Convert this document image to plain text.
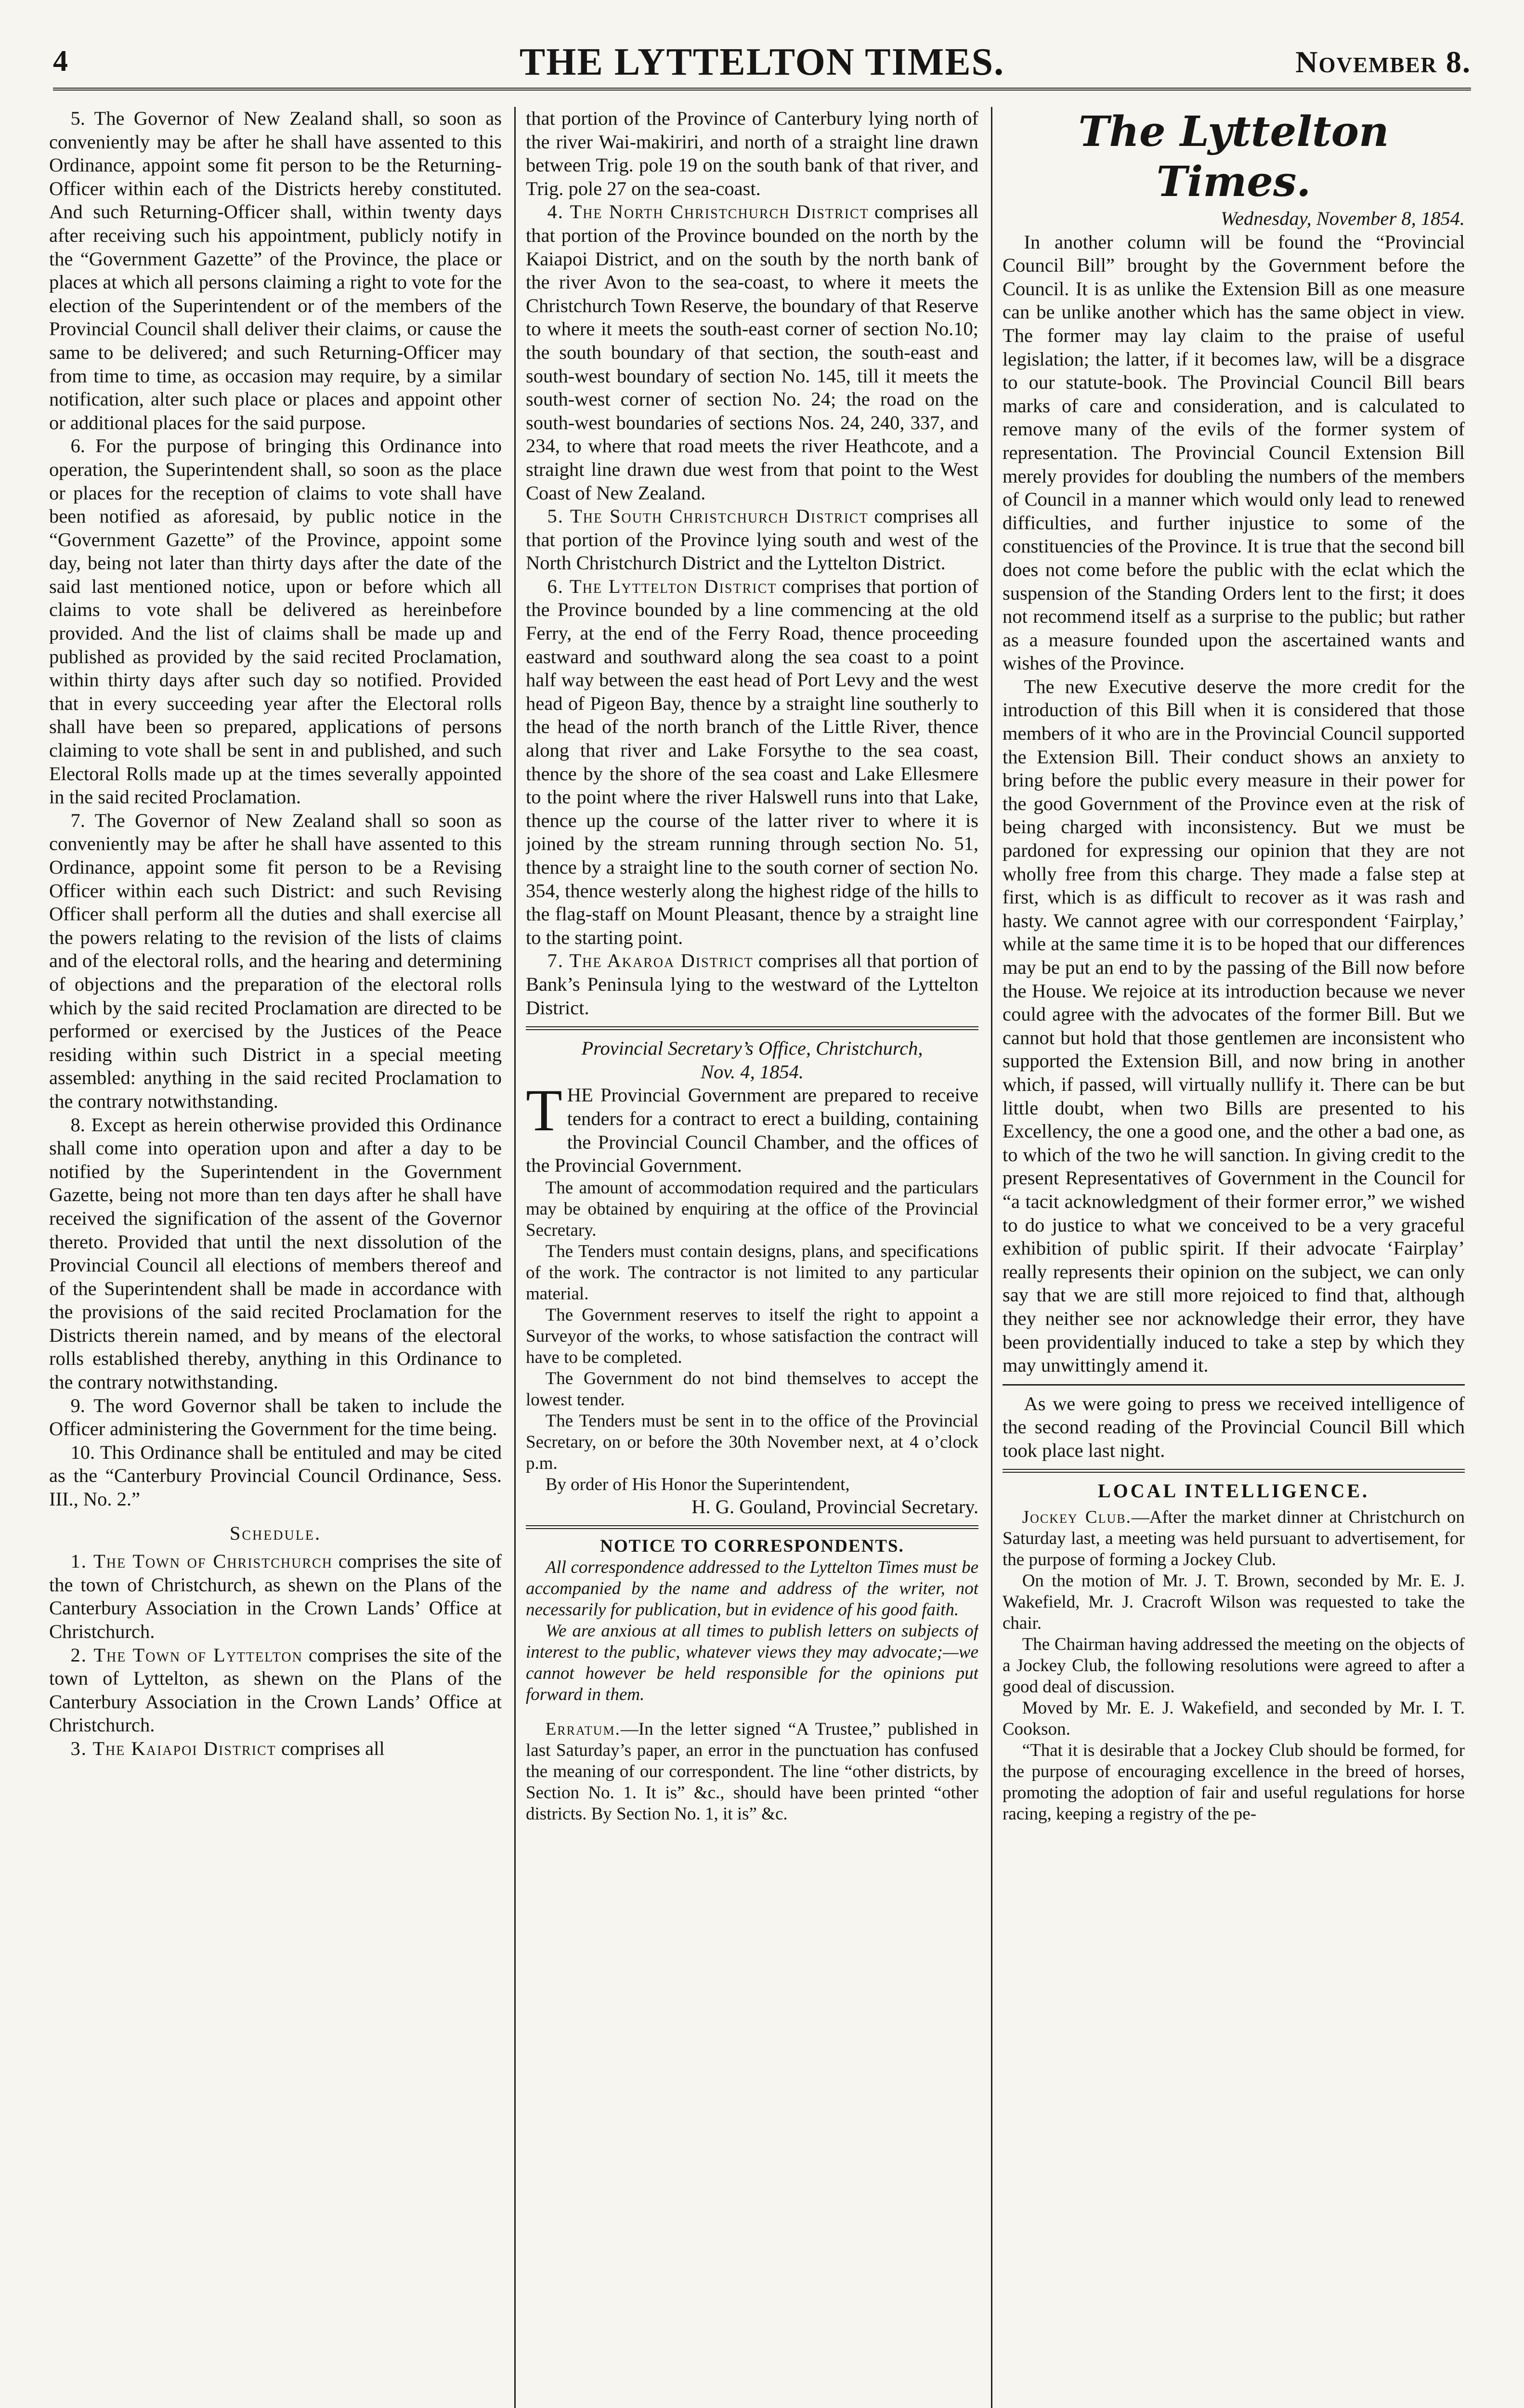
4	THE LYTTELTON TIMES.	November 8.

5. The Governor of New Zealand shall, so soon as conveniently may be after he shall have assented to this Ordinance, appoint some fit person to be the Returning-Officer within each of the Districts hereby constituted. And such Returning-Officer shall, within twenty days after receiving such his appointment, publicly notify in the “Government Gazette” of the Province, the place or places at which all persons claiming a right to vote for the election of the Superintendent or of the members of the Provincial Council shall deliver their claims, or cause the same to be delivered; and such Returning-Officer may from time to time, as occasion may require, by a similar notification, alter such place or places and appoint other or additional places for the said purpose.

6. For the purpose of bringing this Ordinance into operation, the Superintendent shall, so soon as the place or places for the reception of claims to vote shall have been notified as aforesaid, by public notice in the “Government Gazette” of the Province, appoint some day, being not later than thirty days after the date of the said last mentioned notice, upon or before which all claims to vote shall be delivered as hereinbefore provided. And the list of claims shall be made up and published as provided by the said recited Proclamation, within thirty days after such day so notified. Provided that in every succeeding year after the Electoral rolls shall have been so prepared, applications of persons claiming to vote shall be sent in and published, and such Electoral Rolls made up at the times severally appointed in the said recited Proclamation.

7. The Governor of New Zealand shall so soon as conveniently may be after he shall have assented to this Ordinance, appoint some fit person to be a Revising Officer within each such District: and such Revising Officer shall perform all the duties and shall exercise all the powers relating to the revision of the lists of claims and of the electoral rolls, and the hearing and determining of objections and the preparation of the electoral rolls which by the said recited Proclamation are directed to be performed or exercised by the Justices of the Peace residing within such District in a special meeting assembled: anything in the said recited Proclamation to the contrary notwithstanding.

8. Except as herein otherwise provided this Ordinance shall come into operation upon and after a day to be notified by the Superintendent in the Government Gazette, being not more than ten days after he shall have received the signification of the assent of the Governor thereto. Provided that until the next dissolution of the Provincial Council all elections of members thereof and of the Superintendent shall be made in accordance with the provisions of the said recited Proclamation for the Districts therein named, and by means of the electoral rolls established thereby, anything in this Ordinance to the contrary notwithstanding.

9. The word Governor shall be taken to include the Officer administering the Government for the time being.

10. This Ordinance shall be entituled and may be cited as the “Canterbury Provincial Council Ordinance, Sess. III., No. 2.”

Schedule.

1. The Town of Christchurch comprises the site of the town of Christchurch, as shewn on the Plans of the Canterbury Association in the Crown Lands’ Office at Christchurch.

2. The Town of Lyttelton comprises the site of the town of Lyttelton, as shewn on the Plans of the Canterbury Association in the Crown Lands’ Office at Christchurch.

3. The Kaiapoi District comprises all

that portion of the Province of Canterbury lying north of the river Wai-makiriri, and north of a straight line drawn between Trig. pole 19 on the south bank of that river, and Trig. pole 27 on the sea-coast.

4. The North Christchurch District comprises all that portion of the Province bounded on the north by the Kaiapoi District, and on the south by the north bank of the river Avon to the sea-coast, to where it meets the Christchurch Town Reserve, the boundary of that Reserve to where it meets the south-east corner of section No.10; the south boundary of that section, the south-east and south-west boundary of section No. 145, till it meets the south-west corner of section No. 24; the road on the south-west boundaries of sections Nos. 24, 240, 337, and 234, to where that road meets the river Heathcote, and a straight line drawn due west from that point to the West Coast of New Zealand.

5. The South Christchurch District comprises all that portion of the Province lying south and west of the North Christchurch District and the Lyttelton District.

6. The Lyttelton District comprises that portion of the Province bounded by a line commencing at the old Ferry, at the end of the Ferry Road, thence proceeding eastward and southward along the sea coast to a point half way between the east head of Port Levy and the west head of Pigeon Bay, thence by a straight line southerly to the head of the north branch of the Little River, thence along that river and Lake Forsythe to the sea coast, thence by the shore of the sea coast and Lake Ellesmere to the point where the river Halswell runs into that Lake, thence up the course of the latter river to where it is joined by the stream running through section No. 51, thence by a straight line to the south corner of section No. 354, thence westerly along the highest ridge of the hills to the flag-staff on Mount Pleasant, thence by a straight line to the starting point.

7. The Akaroa District comprises all that portion of Bank’s Peninsula lying to the westward of the Lyttelton District.

Provincial Secretary’s Office, Christchurch,

Nov. 4, 1854.

THE Provincial Government are prepared to receive tenders for a contract to erect a building, containing the Provincial Council Chamber, and the offices of the Provincial Government.

The amount of accommodation required and the particulars may be obtained by enquiring at the office of the Provincial Secretary.

The Tenders must contain designs, plans, and specifications of the work. The contractor is not limited to any particular material.

The Government reserves to itself the right to appoint a Surveyor of the works, to whose satisfaction the contract will have to be completed.

The Government do not bind themselves to accept the lowest tender.

The Tenders must be sent in to the office of the Provincial Secretary, on or before the 30th November next, at 4 o’clock p.m.

By order of His Honor the Superintendent,

H. G. Gouland, Provincial Secretary.

NOTICE TO CORRESPONDENTS.

All correspondence addressed to the Lyttelton Times must be accompanied by the name and address of the writer, not necessarily for publication, but in evidence of his good faith.

We are anxious at all times to publish letters on subjects of interest to the public, whatever views they may advocate;—we cannot however be held responsible for the opinions put forward in them.

Erratum.—In the letter signed “A Trustee,” published in last Saturday’s paper, an error in the punctuation has confused the meaning of our correspondent. The line “other districts, by Section No. 1. It is” &c., should have been printed “other districts. By Section No. 1, it is” &c.

The Lyttelton Times.

Wednesday, November 8, 1854.

In another column will be found the “Provincial Council Bill” brought by the Government before the Council. It is as unlike the Extension Bill as one measure can be unlike another which has the same object in view. The former may lay claim to the praise of useful legislation; the latter, if it becomes law, will be a disgrace to our statute-book. The Provincial Council Bill bears marks of care and consideration, and is calculated to remove many of the evils of the former system of representation. The Provincial Council Extension Bill merely provides for doubling the numbers of the members of Council in a manner which would only lead to renewed difficulties, and further injustice to some of the constituencies of the Province. It is true that the second bill does not come before the public with the eclat which the suspension of the Standing Orders lent to the first; it does not recommend itself as a surprise to the public; but rather as a measure founded upon the ascertained wants and wishes of the Province.

The new Executive deserve the more credit for the introduction of this Bill when it is considered that those members of it who are in the Provincial Council supported the Extension Bill. Their conduct shows an anxiety to bring before the public every measure in their power for the good Government of the Province even at the risk of being charged with inconsistency. But we must be pardoned for expressing our opinion that they are not wholly free from this charge. They made a false step at first, which is as difficult to recover as it was rash and hasty. We cannot agree with our correspondent ‘Fairplay,’ while at the same time it is to be hoped that our differences may be put an end to by the passing of the Bill now before the House. We rejoice at its introduction because we never could agree with the advocates of the former Bill. But we cannot but hold that those gentlemen are inconsistent who supported the Extension Bill, and now bring in another which, if passed, will virtually nullify it. There can be but little doubt, when two Bills are presented to his Excellency, the one a good one, and the other a bad one, as to which of the two he will sanction. In giving credit to the present Representatives of Government in the Council for “a tacit acknowledgment of their former error,” we wished to do justice to what we conceived to be a very graceful exhibition of public spirit. If their advocate ‘Fairplay’ really represents their opinion on the subject, we can only say that we are still more rejoiced to find that, although they neither see nor acknowledge their error, they have been providentially induced to take a step by which they may unwittingly amend it.

As we were going to press we received intelligence of the second reading of the Provincial Council Bill which took place last night.

LOCAL INTELLIGENCE.

Jockey Club.—After the market dinner at Christchurch on Saturday last, a meeting was held pursuant to advertisement, for the purpose of forming a Jockey Club.

On the motion of Mr. J. T. Brown, seconded by Mr. E. J. Wakefield, Mr. J. Cracroft Wilson was requested to take the chair.

The Chairman having addressed the meeting on the objects of a Jockey Club, the following resolutions were agreed to after a good deal of discussion.

Moved by Mr. E. J. Wakefield, and seconded by Mr. I. T. Cookson.

“That it is desirable that a Jockey Club should be formed, for the purpose of encouraging excellence in the breed of horses, promoting the adoption of fair and useful regulations for horse racing, keeping a registry of the pe-
